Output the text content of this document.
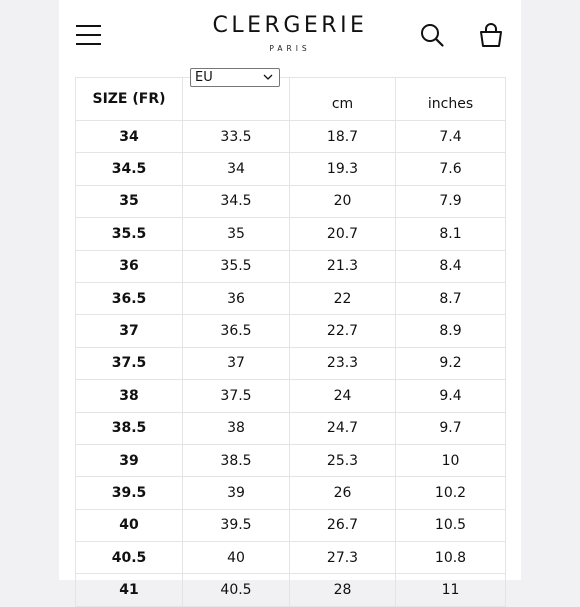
CLERGERIE
PARIS
EU
SIZE (FR)		cm	inches
34	33.5	18.7	7.4
34.5	34	19.3	7.6
35	34.5	20	7.9
35.5	35	20.7	8.1
36	35.5	21.3	8.4
36.5	36	22	8.7
37	36.5	22.7	8.9
37.5	37	23.3	9.2
38	37.5	24	9.4
38.5	38	24.7	9.7
39	38.5	25.3	10
39.5	39	26	10.2
40	39.5	26.7	10.5
40.5	40	27.3	10.8
41	40.5	28	11
